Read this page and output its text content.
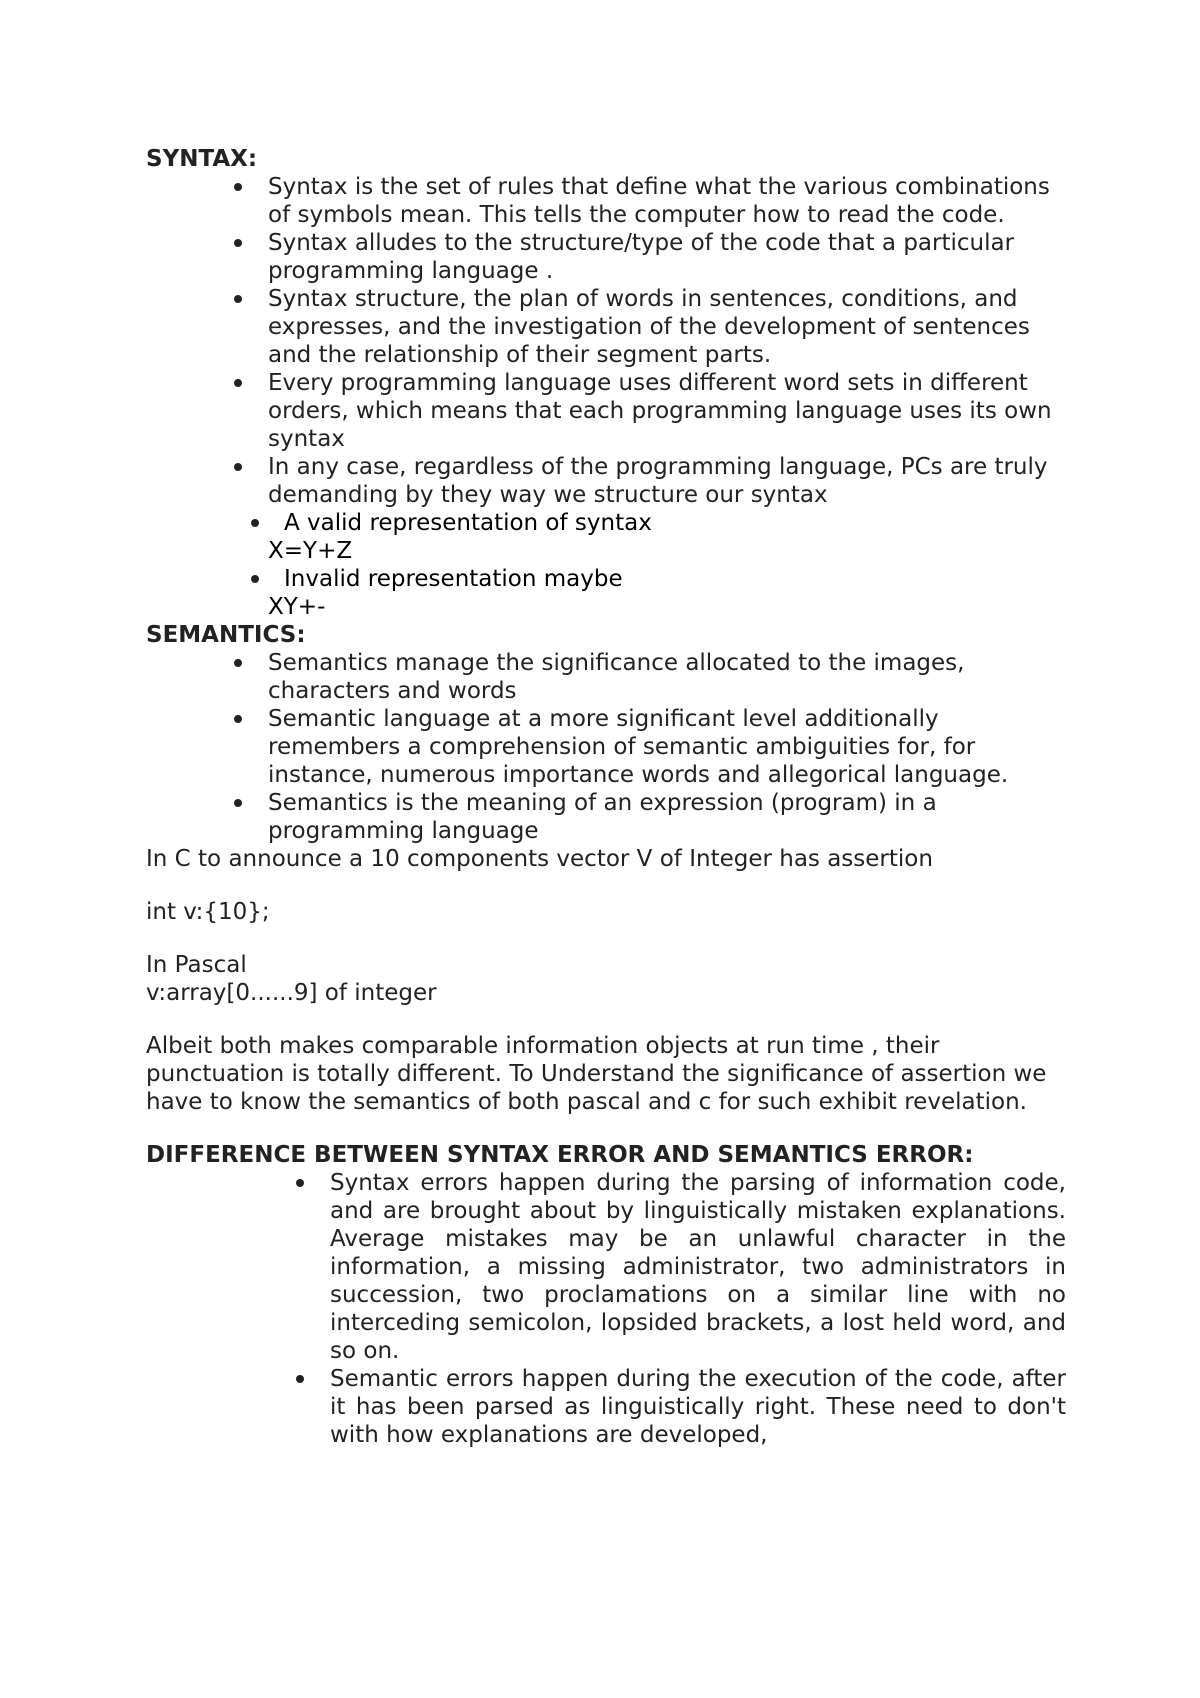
SYNTAX:

Syntax is the set of rules that define what the various combinations of symbols mean. This tells the computer how to read the code.
Syntax alludes to the structure/type of the code that a particular programming language .
Syntax structure, the plan of words in sentences, conditions, and expresses, and the investigation of the development of sentences and the relationship of their segment parts.
Every programming language uses different word sets in different orders, which means that each programming language uses its own syntax
In any case, regardless of the programming language, PCs are truly demanding by they way we structure our syntax
A valid representation of syntax
X=Y+Z
Invalid representation maybe
XY+-

SEMANTICS:

Semantics manage the significance allocated to the images, characters and words
Semantic language at a more significant level additionally remembers a comprehension of semantic ambiguities for, for instance, numerous importance words and allegorical language.
Semantics is the meaning of an expression (program) in a programming language

In C to announce a 10 components vector V of Integer has assertion

int v:{10};

In Pascal

v:array[0......9] of integer

Albeit both makes comparable information objects at run time , their punctuation is totally different. To Understand the significance of assertion we have to know the semantics of both pascal and c for such exhibit revelation.

DIFFERENCE BETWEEN SYNTAX ERROR AND SEMANTICS ERROR:

Syntax errors happen during the parsing of information code, and are brought about by linguistically mistaken explanations. Average mistakes may be an unlawful character in the information, a missing administrator, two administrators in succession, two proclamations on a similar line with no interceding semicolon, lopsided brackets, a lost held word, and so on.
Semantic errors happen during the execution of the code, after it has been parsed as linguistically right. These need to don't with how explanations are developed,
